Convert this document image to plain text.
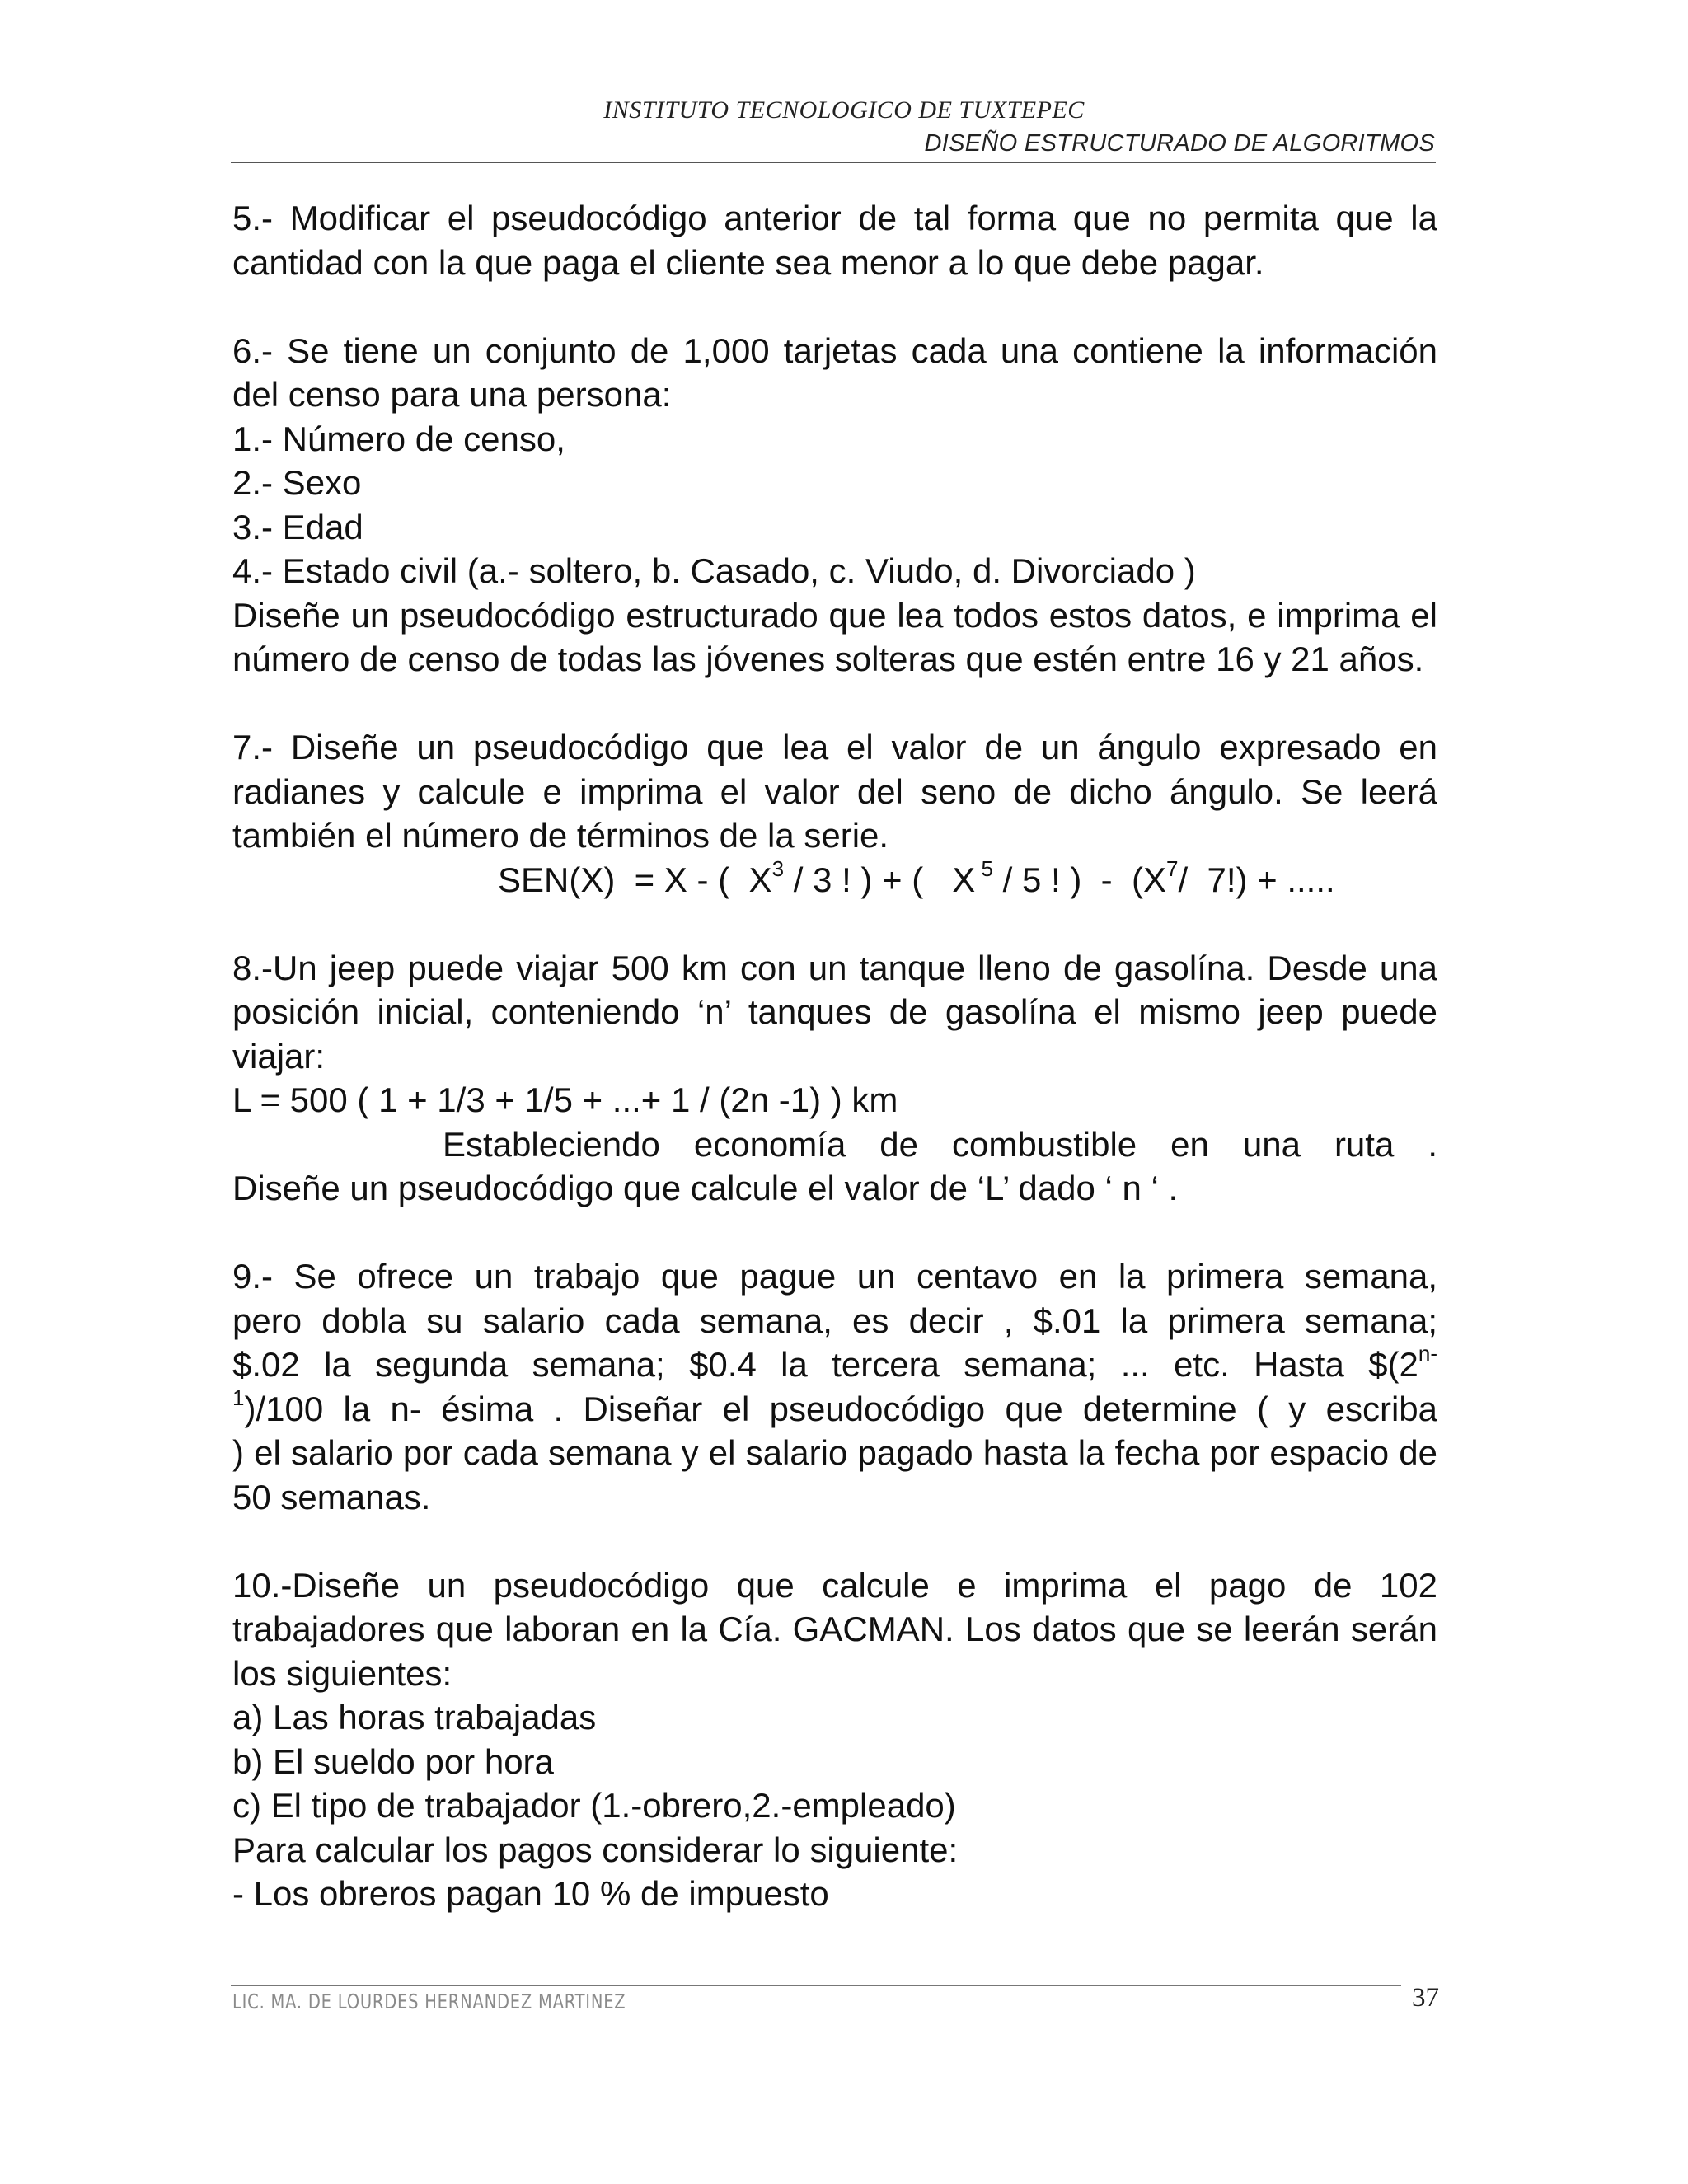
INSTITUTO TECNOLOGICO DE TUXTEPEC
DISEÑO ESTRUCTURADO DE ALGORITMOS

5.- Modificar el pseudocódigo anterior de tal forma que no permita que la cantidad con la que paga el cliente sea menor a lo que debe pagar.

6.- Se tiene un conjunto de 1,000 tarjetas cada una contiene la información del censo para una persona:

1.- Número de censo,
2.- Sexo
3.- Edad
4.- Estado civil (a.- soltero, b. Casado, c. Viudo, d. Divorciado )

Diseñe un pseudocódigo estructurado que lea todos estos datos, e imprima el número de censo de todas las jóvenes solteras que estén entre 16 y 21 años.

7.- Diseñe un pseudocódigo que lea el valor de un ángulo expresado en radianes y calcule e imprima el valor del seno de dicho ángulo. Se leerá también el número de términos de la serie.

SEN(X)  = X - (  $X^3 / 3$ ! ) + (   X $^5$ / 5 ! )  -  ($X^7/$  7!) + .....

8.-Un jeep puede viajar 500 km con un tanque lleno de gasolína. Desde una posición inicial, conteniendo ‘n’ tanques de gasolína el mismo jeep puede viajar:

L = 500 ( 1 + 1/3 + 1/5 + ...+ 1 / (2n -1) ) km
Estableciendo economía de combustible en una ruta .
Diseñe un pseudocódigo que calcule el valor de ‘L’ dado ‘ n ‘ .
9.- Se ofrece un trabajo que pague un centavo en la primera semana,
pero dobla su salario cada semana, es decir , $.01 la primera semana;
$.02 la segunda semana; $0.4 la tercera semana; ... etc. Hasta $\$(2^{n-}$
$^1$)/100 la n- ésima . Diseñar el pseudocódigo que determine ( y escriba

) el salario por cada semana y el salario pagado hasta la fecha por espacio de 50 semanas.

10.-Diseñe un pseudocódigo que calcule e imprima el pago de 102 trabajadores que laboran en la Cía. GACMAN. Los datos que se leerán serán los siguientes:

a) Las horas trabajadas
b) El sueldo por hora
c) El tipo de trabajador (1.-obrero,2.-empleado)
Para calcular los pagos considerar lo siguiente:
- Los obreros pagan 10 % de impuesto
LIC. MA. DE LOURDES HERNANDEZ MARTINEZ	37
